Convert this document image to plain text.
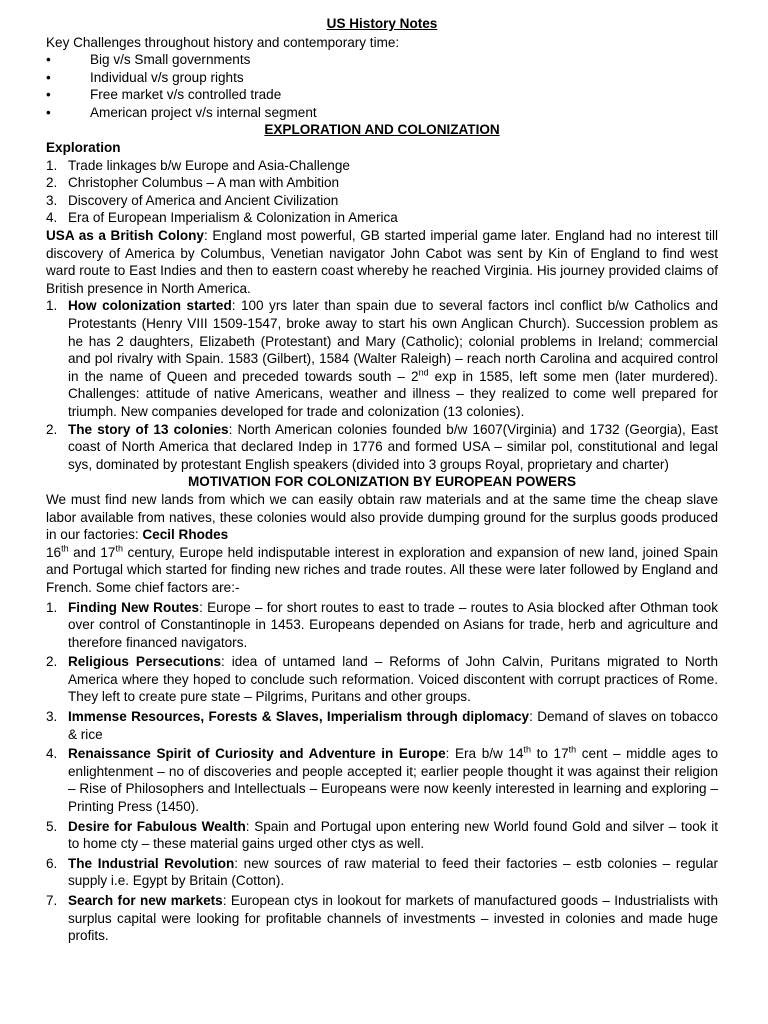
US History Notes

Key Challenges throughout history and contemporary time:

• Big v/s Small governments
• Individual v/s group rights
• Free market v/s controlled trade
• American project v/s internal segment
EXPLORATION AND COLONIZATION
Exploration
1. Trade linkages b/w Europe and Asia-Challenge
2. Christopher Columbus – A man with Ambition
3. Discovery of America and Ancient Civilization
4. Era of European Imperialism & Colonization in America

USA as a British Colony: England most powerful, GB started imperial game later. England had no interest till discovery of America by Columbus, Venetian navigator John Cabot was sent by Kin of England to find west ward route to East Indies and then to eastern coast whereby he reached Virginia. His journey provided claims of British presence in North America.

1. How colonization started: 100 yrs later than spain due to several factors incl conflict b/w Catholics and Protestants (Henry VIII 1509-1547, broke away to start his own Anglican Church). Succession problem as he has 2 daughters, Elizabeth (Protestant) and Mary (Catholic); colonial problems in Ireland; commercial and pol rivalry with Spain. 1583 (Gilbert), 1584 (Walter Raleigh) – reach north Carolina and acquired control in the name of Queen and preceded towards south – 2nd exp in 1585, left some men (later murdered). Challenges: attitude of native Americans, weather and illness – they realized to come well prepared for triumph. New companies developed for trade and colonization (13 colonies).
2. The story of 13 colonies: North American colonies founded b/w 1607(Virginia) and 1732 (Georgia), East coast of North America that declared Indep in 1776 and formed USA – similar pol, constitutional and legal sys, dominated by protestant English speakers (divided into 3 groups Royal, proprietary and charter)
MOTIVATION FOR COLONIZATION BY EUROPEAN POWERS

We must find new lands from which we can easily obtain raw materials and at the same time the cheap slave labor available from natives, these colonies would also provide dumping ground for the surplus goods produced in our factories: Cecil Rhodes

16th and 17th century, Europe held indisputable interest in exploration and expansion of new land, joined Spain and Portugal which started for finding new riches and trade routes. All these were later followed by England and French. Some chief factors are:-

1. Finding New Routes: Europe – for short routes to east to trade – routes to Asia blocked after Othman took over control of Constantinople in 1453. Europeans depended on Asians for trade, herb and agriculture and therefore financed navigators.
2. Religious Persecutions: idea of untamed land – Reforms of John Calvin, Puritans migrated to North America where they hoped to conclude such reformation. Voiced discontent with corrupt practices of Rome. They left to create pure state – Pilgrims, Puritans and other groups.
3. Immense Resources, Forests & Slaves, Imperialism through diplomacy: Demand of slaves on tobacco & rice
4. Renaissance Spirit of Curiosity and Adventure in Europe: Era b/w 14th to 17th cent – middle ages to enlightenment – no of discoveries and people accepted it; earlier people thought it was against their religion – Rise of Philosophers and Intellectuals – Europeans were now keenly interested in learning and exploring – Printing Press (1450).
5. Desire for Fabulous Wealth: Spain and Portugal upon entering new World found Gold and silver – took it to home cty – these material gains urged other ctys as well.
6. The Industrial Revolution: new sources of raw material to feed their factories – estb colonies – regular supply i.e. Egypt by Britain (Cotton).
7. Search for new markets: European ctys in lookout for markets of manufactured goods – Industrialists with surplus capital were looking for profitable channels of investments – invested in colonies and made huge profits.
